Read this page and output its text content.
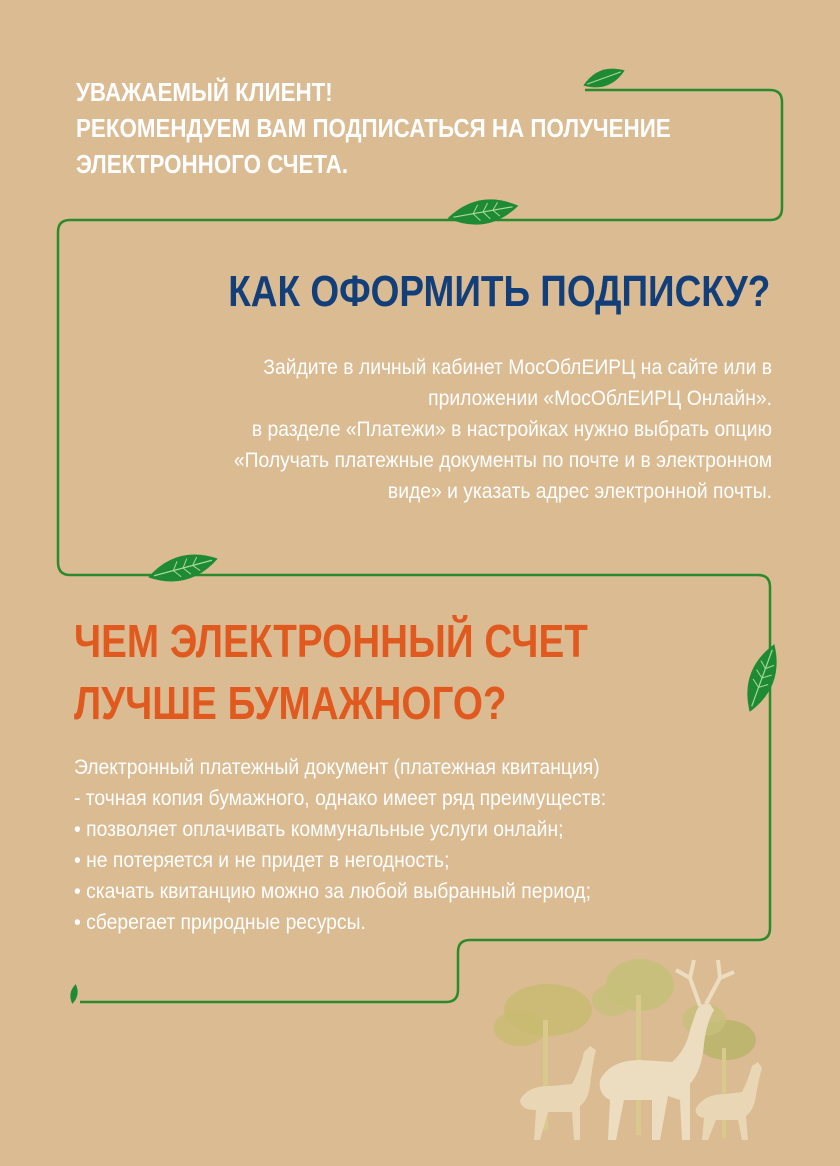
УВАЖАЕМЫЙ КЛИЕНТ!
РЕКОМЕНДУЕМ ВАМ ПОДПИСАТЬСЯ НА ПОЛУЧЕНИЕ
ЭЛЕКТРОННОГО СЧЕТА.
КАК ОФОРМИТЬ ПОДПИСКУ?
Зайдите в личный кабинет МосОблЕИРЦ на сайте или в
приложении «МосОблЕИРЦ Онлайн».
в разделе «Платежи» в настройках нужно выбрать опцию
«Получать платежные документы по почте и в электронном
виде» и указать адрес электронной почты.
ЧЕМ ЭЛЕКТРОННЫЙ СЧЕТ
ЛУЧШЕ БУМАЖНОГО?
Электронный платежный документ (платежная квитанция)
- точная копия бумажного, однако имеет ряд преимуществ:
• позволяет оплачивать коммунальные услуги онлайн;
• не потеряется и не придет в негодность;
• скачать квитанцию можно за любой выбранный период;
• сберегает природные ресурсы.
